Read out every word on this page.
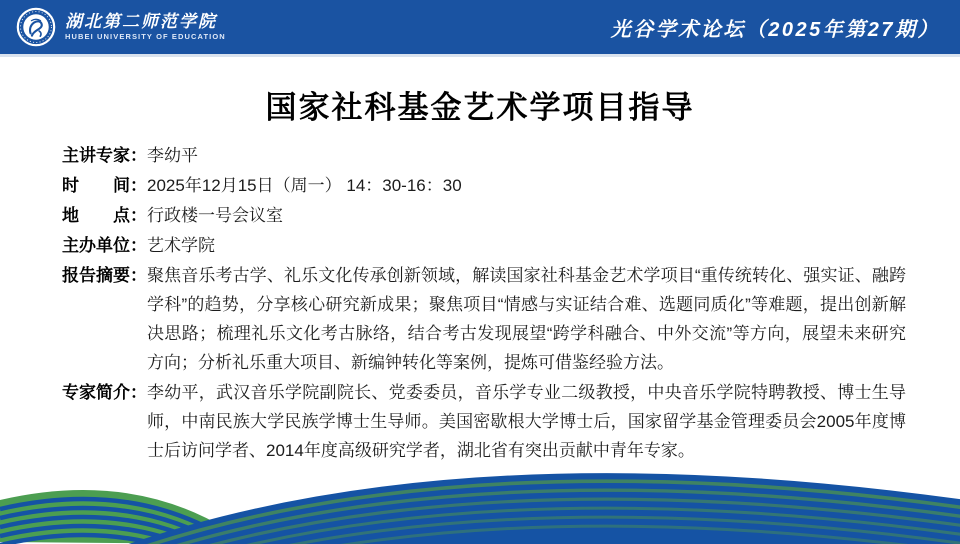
湖北第二师范学院
HUBEI UNIVERSITY OF EDUCATION	光谷学术论坛（2025年第27期）
国家社科基金艺术学项目指导
主讲专家： 李幼平
时　　间： 2025年12月15日（周一） 14：30-16：30
地　　点： 行政楼一号会议室
主办单位： 艺术学院
报告摘要： 聚焦音乐考古学、礼乐文化传承创新领域，解读国家社科基金艺术学项目“重传统转化、强实证、融跨学科”的趋势，分享核心研究新成果；聚焦项目“情感与实证结合难、选题同质化”等难题，提出创新解决思路；梳理礼乐文化考古脉络，结合考古发现展望“跨学科融合、中外交流”等方向，展望未来研究方向；分析礼乐重大项目、新编钟转化等案例，提炼可借鉴经验方法。
专家简介： 李幼平，武汉音乐学院副院长、党委委员，音乐学专业二级教授，中央音乐学院特聘教授、博士生导师，中南民族大学民族学博士生导师。美国密歇根大学博士后，国家留学基金管理委员会2005年度博士后访问学者、2014年度高级研究学者，湖北省有突出贡献中青年专家。
